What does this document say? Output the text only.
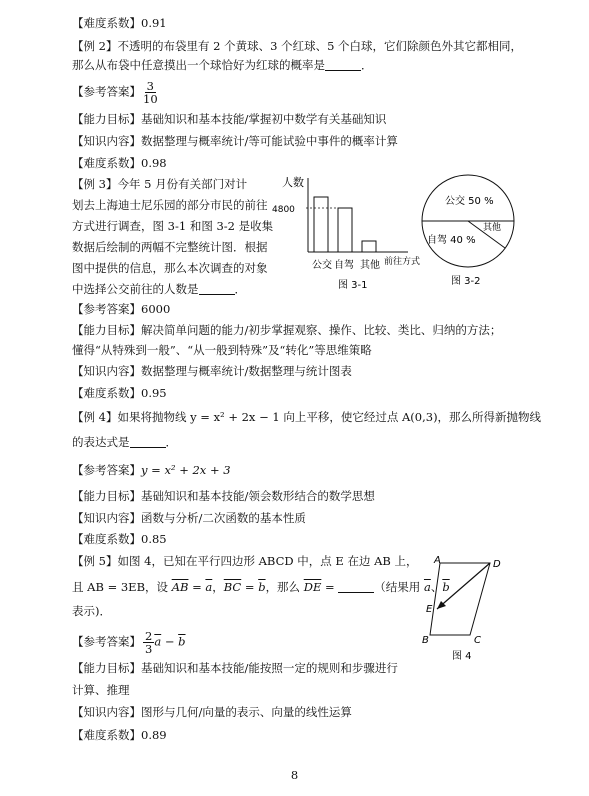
【难度系数】0.91
【例 2】不透明的布袋里有 2 个黄球、3 个红球、5 个白球，它们除颜色外其它都相同，
那么从布袋中任意摸出一个球恰好为红球的概率是	．
【参考答案】 $\frac{3}{10}$
【能力目标】基础知识和基本技能/掌握初中数学有关基础知识
【知识内容】数据整理与概率统计/等可能试验中事件的概率计算
【难度系数】0.98
【例 3】今年 5 月份有关部门对计
划去上海迪士尼乐园的部分市民的前往
方式进行调查，图 3-1 和图 3-2 是收集
数据后绘制的两幅不完整统计图．根据
图中提供的信息，那么本次调查的对象
中选择公交前往的人数是	．
【参考答案】6000
【能力目标】解决简单问题的能力/初步掌握观察、操作、比较、类比、归纳的方法；
懂得“从特殊到一般”、“从一般到特殊”及“转化”等思维策略
【知识内容】数据整理与概率统计/数据整理与统计图表
【难度系数】0.95
【例 4】如果将抛物线 y = x² + 2x − 1 向上平移，使它经过点 A(0,3)，那么所得新抛物线
的表达式是	．
【参考答案】y = x² + 2x + 3
【能力目标】基础知识和基本技能/领会数形结合的数学思想
【知识内容】函数与分析/二次函数的基本性质
【难度系数】0.85
【例 5】如图 4，已知在平行四边形 ABCD 中，点 E 在边 AB 上，
且 AB = 3EB，设 $\overline{AB} = \overline{a}$，$\overline{BC} = \overline{b}$，那么 $\overline{DE}$ =	（结果用 $\overline{a}$、$\overline{b}$
表示)．
【参考答案】 $\frac{2}{3} \overline{a} - \overline{b}$
【能力目标】基础知识和基本技能/能按照一定的规则和步骤进行
计算、推理
【知识内容】图形与几何/向量的表示、向量的线性运算
【难度系数】0.89
8
人数
4800
公交 自驾 其他 前往方式
图 3-1
公交 50 %
自驾 40 %
其他
图 3-2
A	D
E
B	C
图 4
